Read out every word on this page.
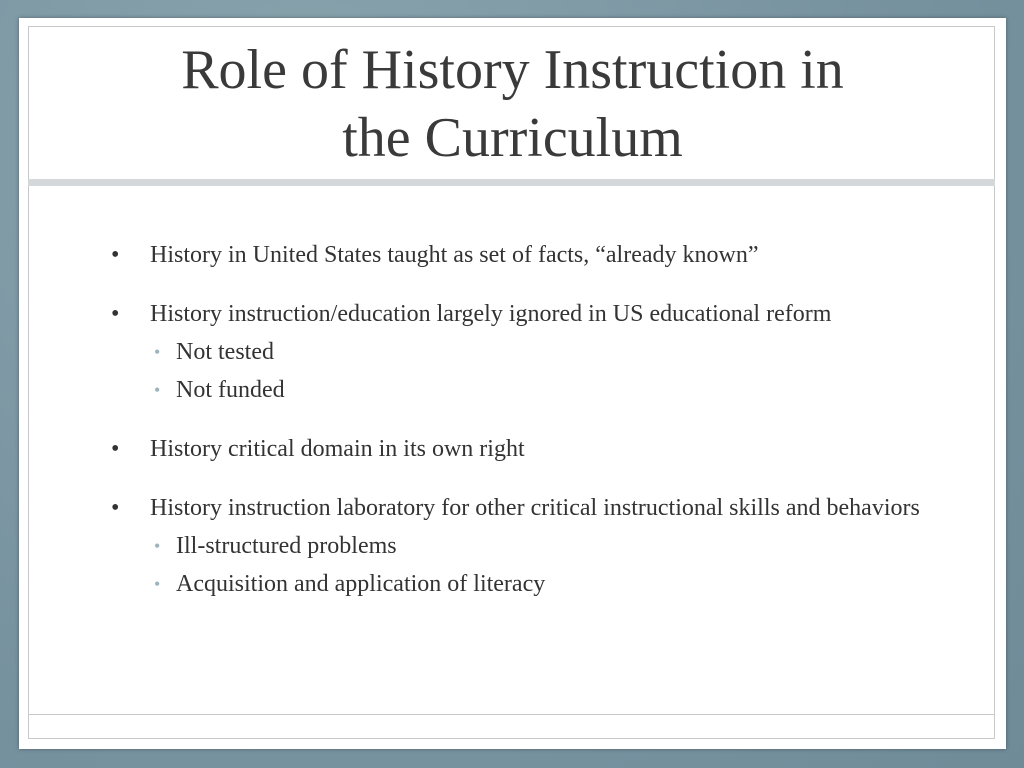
Role of History Instruction in
the Curriculum
•	History in United States taught as set of facts, “already known”
•	History instruction/education largely ignored in US educational reform
• Not tested
• Not funded
•	History critical domain in its own right
•	History instruction laboratory for other critical instructional skills and behaviors
• Ill-structured problems
• Acquisition and application of literacy
